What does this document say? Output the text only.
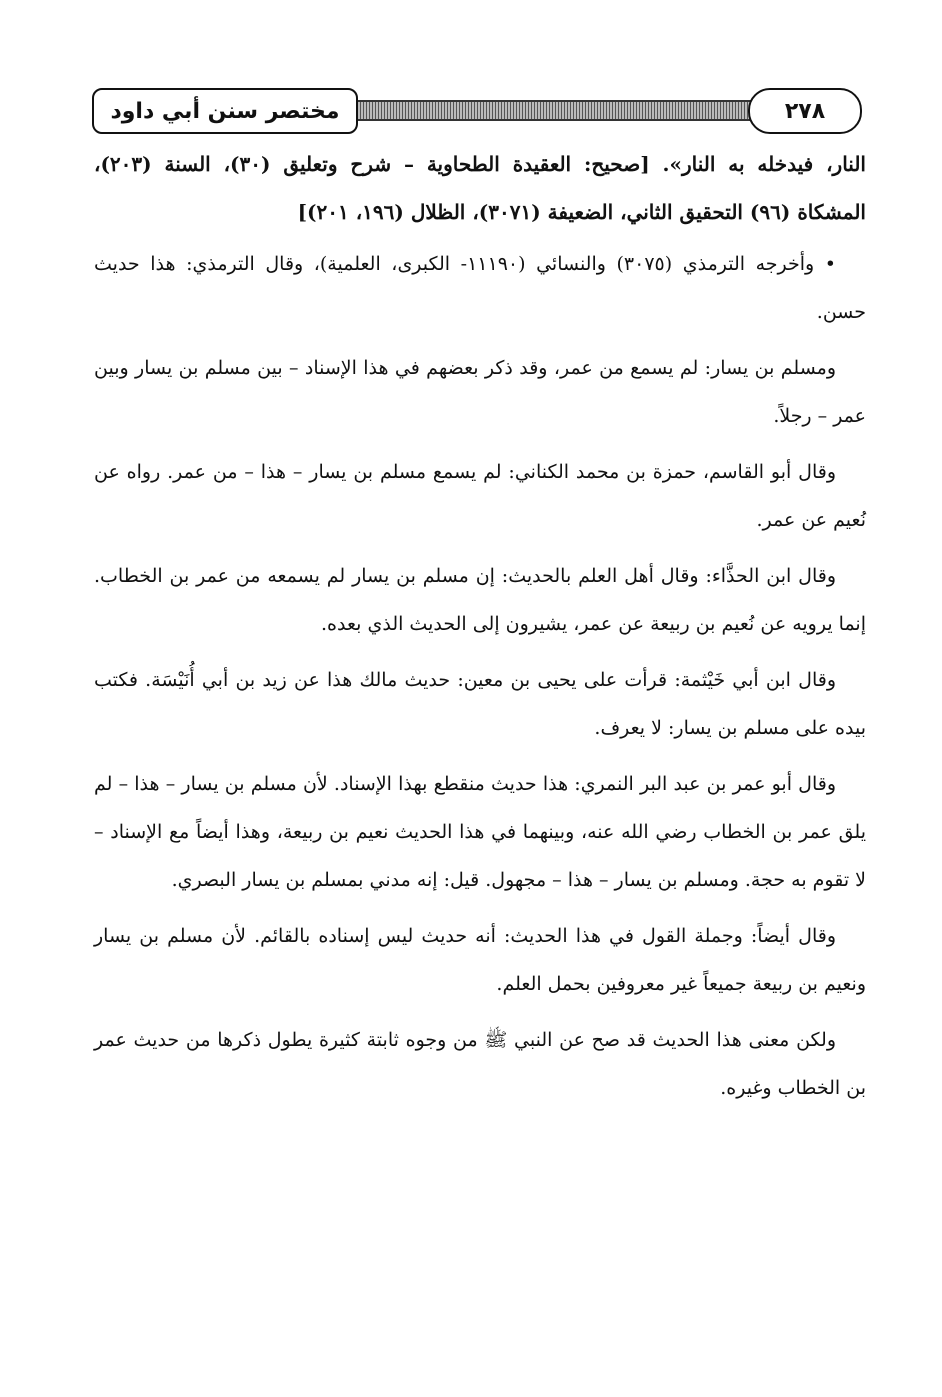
مختصر سنن أبي داود	٢٧٨

النار، فيدخله به النار». [صحيح: العقيدة الطحاوية – شرح وتعليق (٣٠)، السنة (٢٠٣)، المشكاة (٩٦) التحقيق الثاني، الضعيفة (٣٠٧١)، الظلال (١٩٦، ٢٠١)]

• وأخرجه الترمذي (٣٠٧٥) والنسائي (١١١٩٠- الكبرى، العلمية)، وقال الترمذي: هذا حديث حسن.

ومسلم بن يسار: لم يسمع من عمر، وقد ذكر بعضهم في هذا الإسناد – بين مسلم بن يسار وبين عمر – رجلاً.

وقال أبو القاسم، حمزة بن محمد الكناني: لم يسمع مسلم بن يسار – هذا – من عمر. رواه عن نُعيم عن عمر.

وقال ابن الحذَّاء: وقال أهل العلم بالحديث: إن مسلم بن يسار لم يسمعه من عمر بن الخطاب. إنما يرويه عن نُعيم بن ربيعة عن عمر، يشيرون إلى الحديث الذي بعده.

وقال ابن أبي خَيْثمة: قرأت على يحيى بن معين: حديث مالك هذا عن زيد بن أبي أُنَيْسَة. فكتب بيده على مسلم بن يسار: لا يعرف.

وقال أبو عمر بن عبد البر النمري: هذا حديث منقطع بهذا الإسناد. لأن مسلم بن يسار – هذا – لم يلق عمر بن الخطاب رضي الله عنه، وبينهما في هذا الحديث نعيم بن ربيعة، وهذا أيضاً مع الإسناد – لا تقوم به حجة. ومسلم بن يسار – هذا – مجهول. قيل: إنه مدني بمسلم بن يسار البصري.

وقال أيضاً: وجملة القول في هذا الحديث: أنه حديث ليس إسناده بالقائم. لأن مسلم بن يسار ونعيم بن ربيعة جميعاً غير معروفين بحمل العلم.

ولكن معنى هذا الحديث قد صح عن النبي ﷺ من وجوه ثابتة كثيرة يطول ذكرها من حديث عمر بن الخطاب وغيره.
